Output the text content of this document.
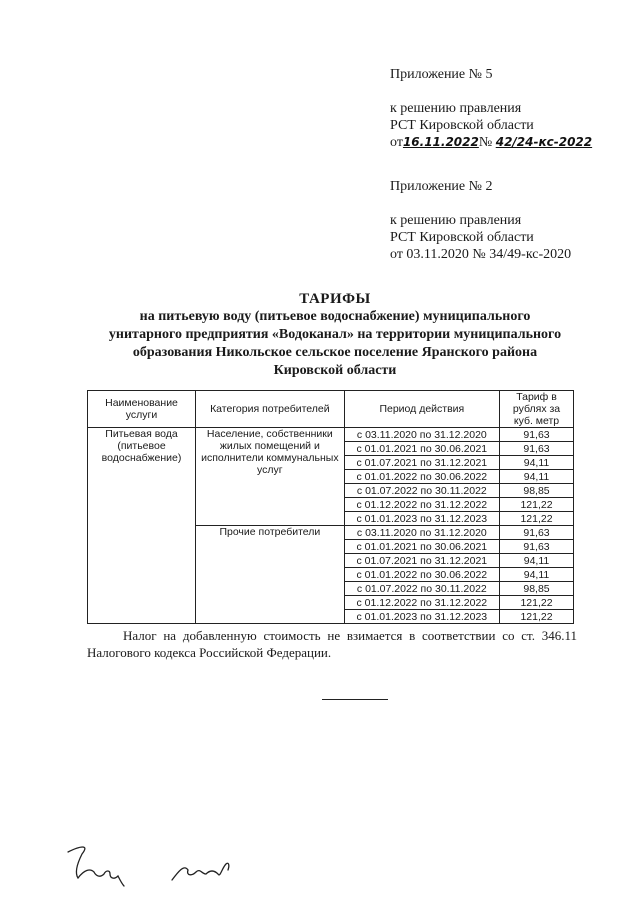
Приложение № 5
к решению правления
РСТ Кировской области
от16.11.2022№ 42/24-кс-2022
Приложение № 2
к решению правления
РСТ Кировской области
от 03.11.2020 № 34/49-кс-2020
ТАРИФЫ
на питьевую воду (питьевое водоснабжение) муниципального
унитарного предприятия «Водоканал» на территории муниципального
образования Никольское сельское поселение Яранского района
Кировской области
Наименование услуги	Категория потребителей	Период действия	Тариф в рублях за куб. метр
Питьевая вода (питьевое водоснабжение)	Население, собственники жилых помещений и исполнители коммунальных услуг	с 03.11.2020 по 31.12.2020	91,63
		с 01.01.2021 по 30.06.2021	91,63
		с 01.07.2021 по 31.12.2021	94,11
		с 01.01.2022 по 30.06.2022	94,11
		с 01.07.2022 по 30.11.2022	98,85
		с 01.12.2022 по 31.12.2022	121,22
		с 01.01.2023 по 31.12.2023	121,22
	Прочие потребители	с 03.11.2020 по 31.12.2020	91,63
		с 01.01.2021 по 30.06.2021	91,63
		с 01.07.2021 по 31.12.2021	94,11
		с 01.01.2022 по 30.06.2022	94,11
		с 01.07.2022 по 30.11.2022	98,85
		с 01.12.2022 по 31.12.2022	121,22
		с 01.01.2023 по 31.12.2023	121,22
Налог на добавленную стоимость не взимается в соответствии со ст. 346.11 Налогового кодекса Российской Федерации.
